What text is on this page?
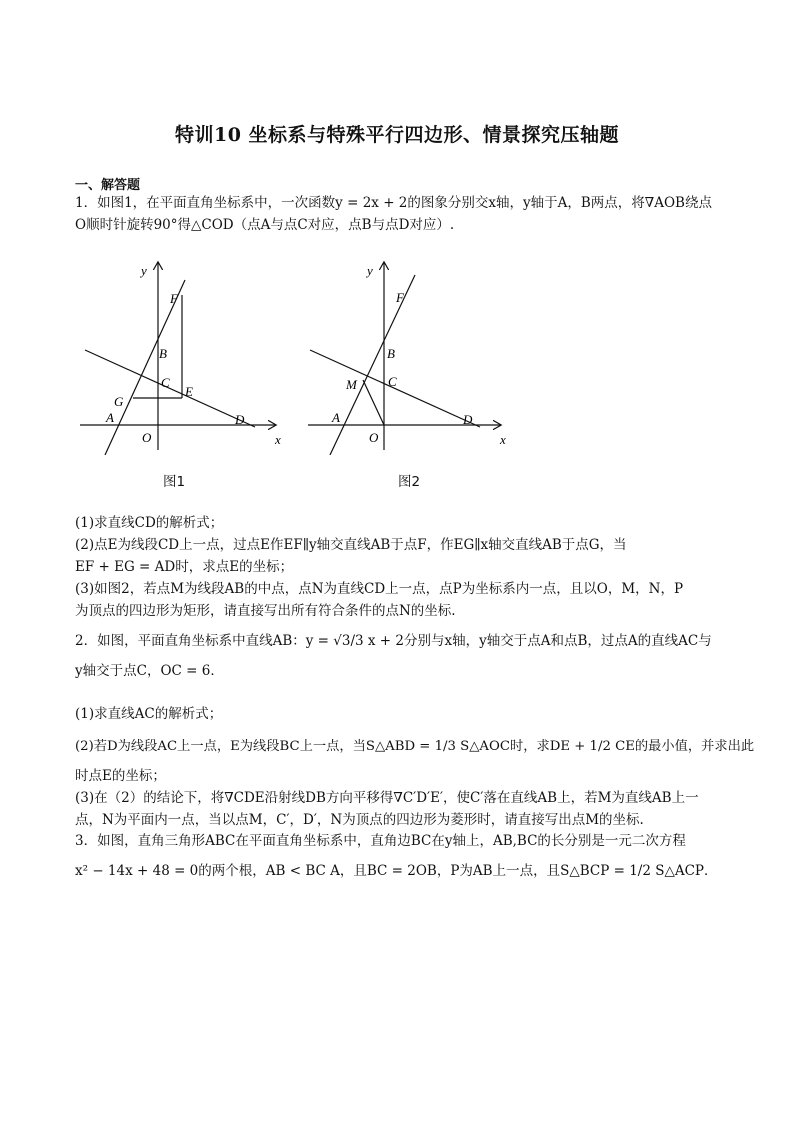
特训10 坐标系与特殊平行四边形、情景探究压轴题
一、解答题
1．如图1，在平面直角坐标系中，一次函数y = 2x + 2的图象分别交x轴，y轴于A，B两点，将∇AOB绕点
O顺时针旋转90°得△COD（点A与点C对应，点B与点D对应）.
y
x
F
B
C
E
G
A
O
D
图1
y
x
F
B
M C
A
O
D
图2
(1)求直线CD的解析式；
(2)点E为线段CD上一点，过点E作EF∥y轴交直线AB于点F，作EG∥x轴交直线AB于点G，当
EF + EG = AD时，求点E的坐标；
(3)如图2，若点M为线段AB的中点，点N为直线CD上一点，点P为坐标系内一点，且以O，M，N，P
为顶点的四边形为矩形，请直接写出所有符合条件的点N的坐标.
2．如图，平面直角坐标系中直线AB：y = √3/3 x + 2分别与x轴，y轴交于点A和点B，过点A的直线AC与
y轴交于点C，OC = 6．
(1)求直线AC的解析式；
(2)若D为线段AC上一点，E为线段BC上一点，当S△ABD = 1/3 S△AOC时，求DE + 1/2 CE的最小值，并求出此
时点E的坐标；
(3)在（2）的结论下，将∇CDE沿射线DB方向平移得∇C′D′E′，使C′落在直线AB上，若M为直线AB上一
点，N为平面内一点，当以点M，C′，D′，N为顶点的四边形为菱形时，请直接写出点M的坐标.
3．如图，直角三角形ABC在平面直角坐标系中，直角边BC在y轴上，AB,BC的长分别是一元二次方程
x² − 14x + 48 = 0的两个根，AB < BC A，且BC = 2OB，P为AB上一点，且S△BCP = 1/2 S△ACP．
